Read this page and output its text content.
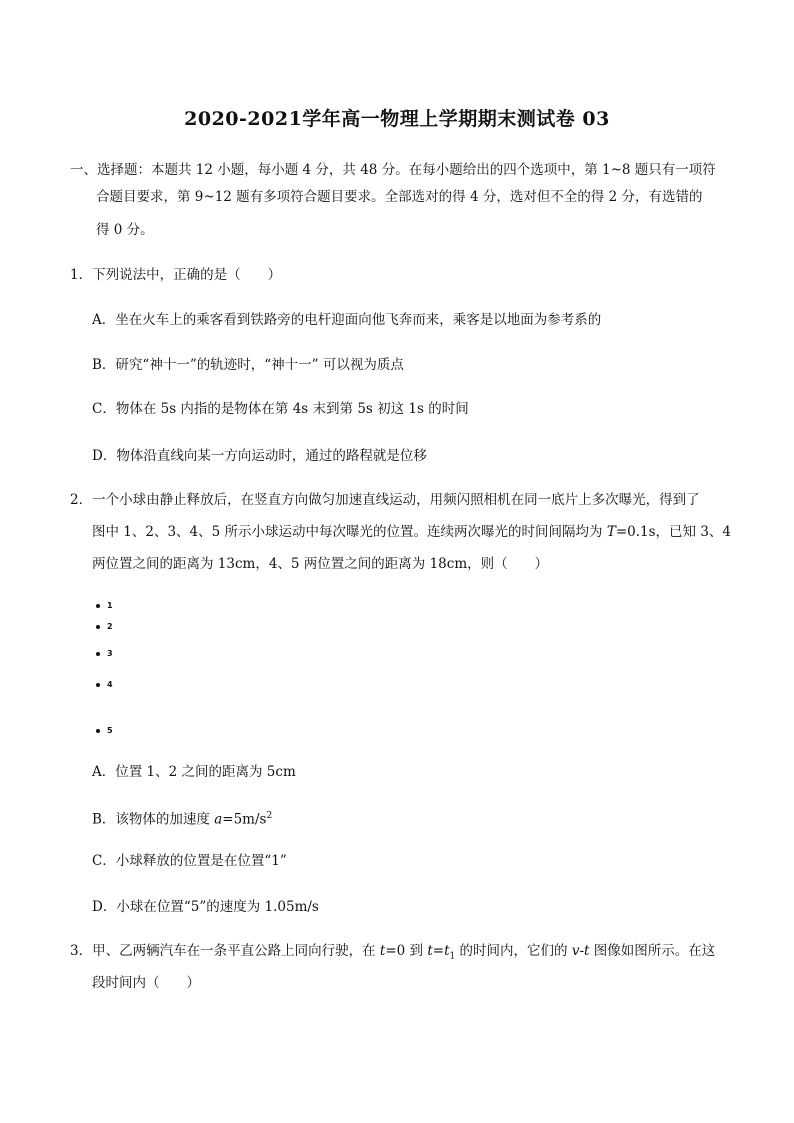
2020-2021学年高一物理上学期期末测试卷 03
一、选择题：本题共 12 小题，每小题 4 分，共 48 分。在每小题给出的四个选项中，第 1~8 题只有一项符
合题目要求，第 9~12 题有多项符合题目要求。全部选对的得 4 分，选对但不全的得 2 分，有选错的
得 0 分。
1．下列说法中，正确的是（　　）
A．坐在火车上的乘客看到铁路旁的电杆迎面向他飞奔而来，乘客是以地面为参考系的
B．研究“神十一”的轨迹时，“神十一” 可以视为质点
C．物体在 5s 内指的是物体在第 4s 末到第 5s 初这 1s 的时间
D．物体沿直线向某一方向运动时，通过的路程就是位移
2．一个小球由静止释放后，在竖直方向做匀加速直线运动，用频闪照相机在同一底片上多次曝光，得到了
图中 1、2、3、4、5 所示小球运动中每次曝光的位置。连续两次曝光的时间间隔均为 T=0.1s，已知 3、4
两位置之间的距离为 13cm，4、5 两位置之间的距离为 18cm，则（　　）
1
2
3
4
5
A．位置 1、2 之间的距离为 5cm
B．该物体的加速度 $a=5m/s^2$
C．小球释放的位置是在位置“1”
D．小球在位置“5”的速度为 1.05m/s
3．甲、乙两辆汽车在一条平直公路上同向行驶，在 t=0 到 $t=t_1$ 的时间内，它们的 v-t 图像如图所示。在这
段时间内（　　）
